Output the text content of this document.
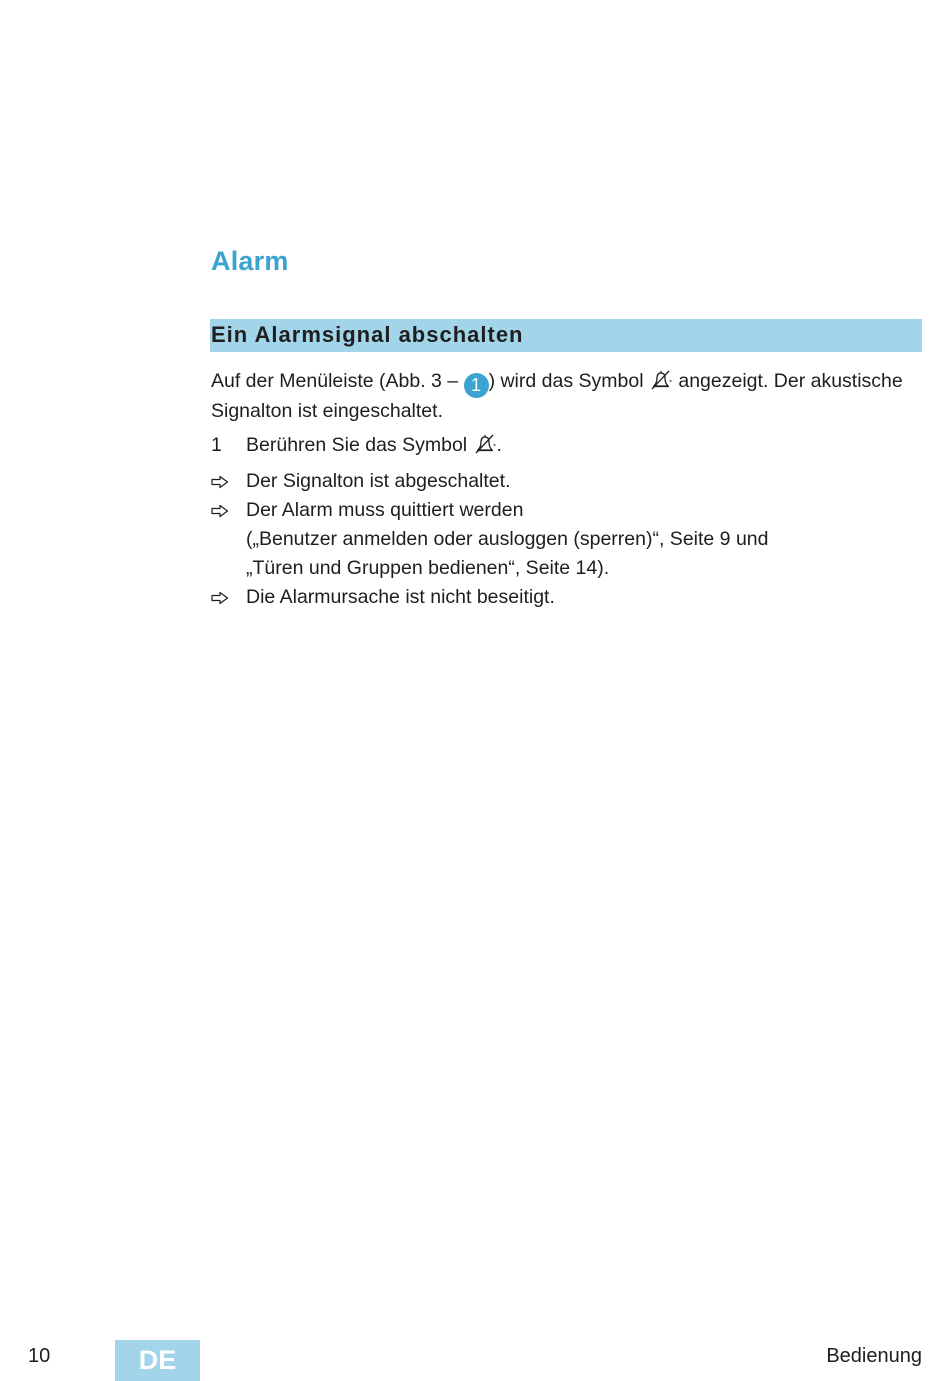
Alarm
Ein Alarmsignal abschalten

Auf der Menüleiste (Abb. 3 – 1 ) wird das Symbol  angezeigt. Der akustische Signalton ist eingeschaltet.

1	Berühren Sie das Symbol .
Der Signalton ist abgeschaltet.
Der Alarm muss quittiert werden
(„Benutzer anmelden oder ausloggen (sperren)“, Seite 9 und
„Türen und Gruppen bedienen“, Seite 14).
Die Alarmursache ist nicht beseitigt.
10	DE	Bedienung
